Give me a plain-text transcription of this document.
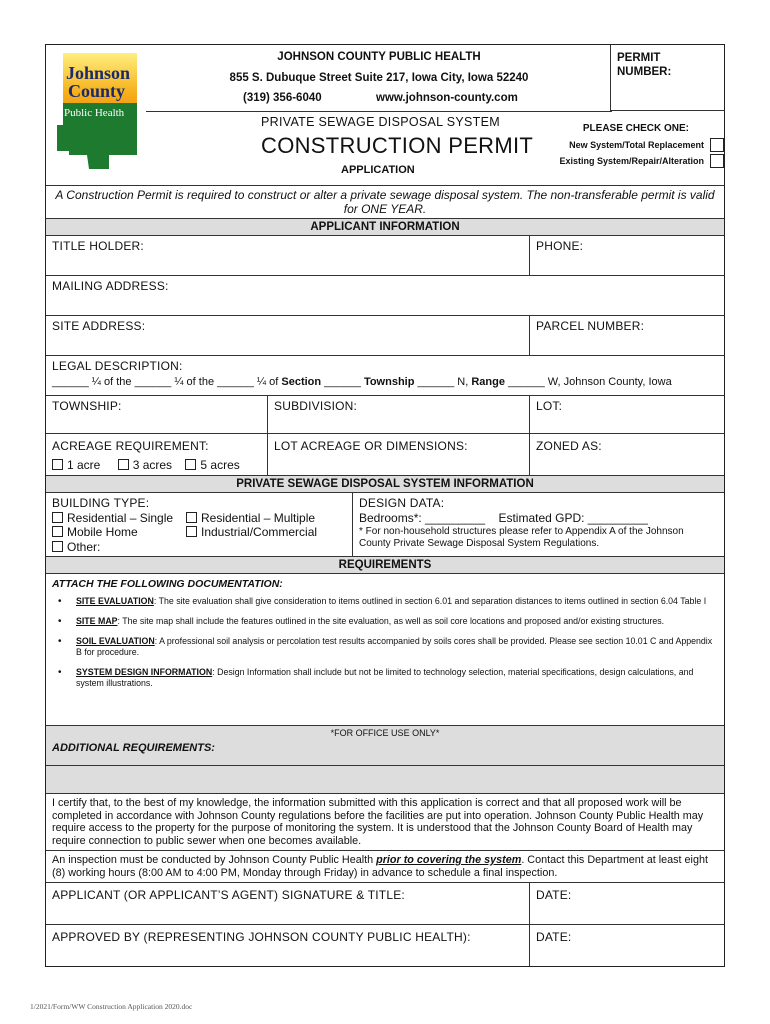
Johnson
County
Public Health
JOHNSON COUNTY PUBLIC HEALTH
855 S. Dubuque Street Suite 217, Iowa City, Iowa 52240
(319) 356-6040	www.johnson-county.com
PRIVATE SEWAGE DISPOSAL SYSTEM
CONSTRUCTION PERMIT
APPLICATION
PLEASE CHECK ONE:
New System/Total Replacement
Existing System/Repair/Alteration
PERMIT NUMBER:
A Construction Permit is required to construct or alter a private sewage disposal system. The non-transferable permit is valid for ONE YEAR.
APPLICANT INFORMATION
TITLE HOLDER:	PHONE:
MAILING ADDRESS:
SITE ADDRESS:	PARCEL NUMBER:
LEGAL DESCRIPTION:
______ ¼ of the ______ ¼ of the ______ ¼ of Section ______ Township ______ N, Range ______ W, Johnson County, Iowa
TOWNSHIP:	SUBDIVISION:	LOT:
ACREAGE REQUIREMENT:
1 acre	3 acres 5 acres
LOT ACREAGE OR DIMENSIONS:	ZONED AS:
PRIVATE SEWAGE DISPOSAL SYSTEM INFORMATION
BUILDING TYPE:
Residential – Single	Residential – Multiple
Mobile Home	Industrial/Commercial
Other:
DESIGN DATA:
Bedrooms*: _________ Estimated GPD: _________
* For non-household structures please refer to Appendix A of the Johnson County Private Sewage Disposal System Regulations.
REQUIREMENTS
ATTACH THE FOLLOWING DOCUMENTATION:
• SITE EVALUATION: The site evaluation shall give consideration to items outlined in section 6.01 and separation distances to items outlined in section 6.04 Table I
• SITE MAP: The site map shall include the features outlined in the site evaluation, as well as soil core locations and proposed and/or existing structures.
• SOIL EVALUATION: A professional soil analysis or percolation test results accompanied by soils cores shall be provided. Please see section 10.01 C and Appendix B for procedure.
• SYSTEM DESIGN INFORMATION: Design Information shall include but not be limited to technology selection, material specifications, design calculations, and system illustrations.
*FOR OFFICE USE ONLY*
ADDITIONAL REQUIREMENTS:
I certify that, to the best of my knowledge, the information submitted with this application is correct and that all proposed work will be completed in accordance with Johnson County regulations before the facilities are put into operation. Johnson County Public Health may require access to the property for the purpose of monitoring the system. It is understood that the Johnson County Board of Health may require connection to public sewer when one becomes available.
An inspection must be conducted by Johnson County Public Health prior to covering the system. Contact this Department at least eight (8) working hours (8:00 AM to 4:00 PM, Monday through Friday) in advance to schedule a final inspection.
APPLICANT (OR APPLICANT’S AGENT) SIGNATURE & TITLE:	DATE:
APPROVED BY (REPRESENTING JOHNSON COUNTY PUBLIC HEALTH):	DATE:
1/2021/Form/WW Construction Application 2020.doc
